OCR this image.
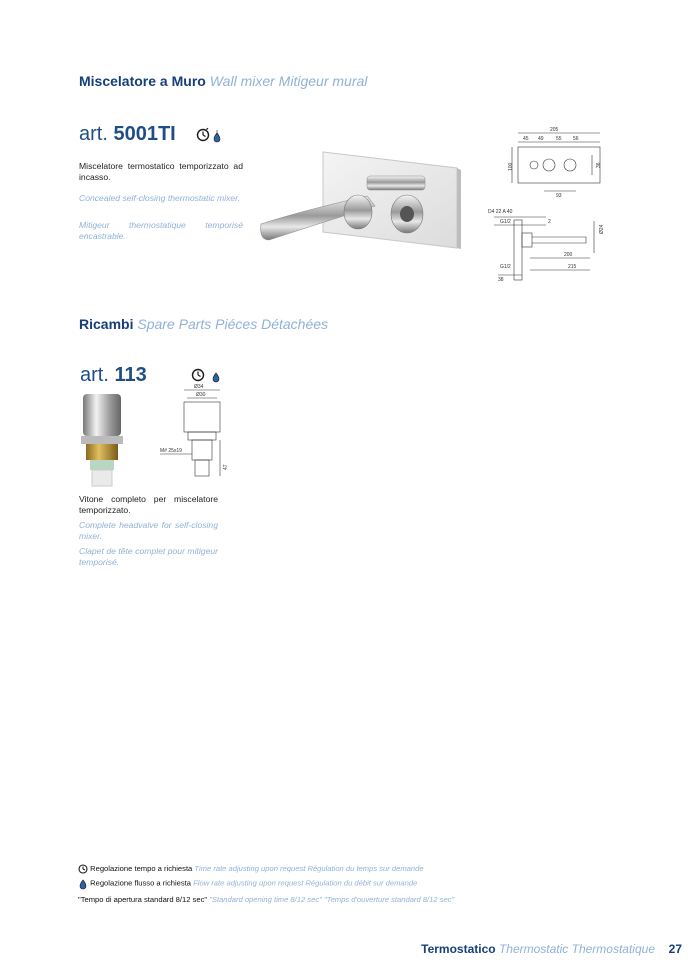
Miscelatore a Muro Wall mixer Mitigeur mural
art. 5001TI
Miscelatore termostatico temporizzato ad incasso.
Concealed self-closing thermostatic mixer.
Mitigeur thermostatique temporisé encastrable.
205
45 49 55 56
100	36
93
D4 22 A 40
G1/2	2
Ø24
200
215
G1/2
38
Ricambi Spare Parts Piéces Détachées
art. 113
Ø34
Ø30
M# 25x19
47
Vitone completo per miscelatore temporizzato.
Complete headvalve for self-closing mixer.
Clapet de tête complet pour mitigeur temporisé.
Regolazione tempo a richiesta Time rate adjusting upon request Régulation du temps sur demande
Regolazione flusso a richiesta Flow rate adjusting upon request Régulation du débit sur demande
"Tempo di apertura standard 8/12 sec" "Standard opening time 8/12 sec" "Temps d'ouverture standard 8/12 sec"
Termostatico Thermostatic Thermostatique 27
